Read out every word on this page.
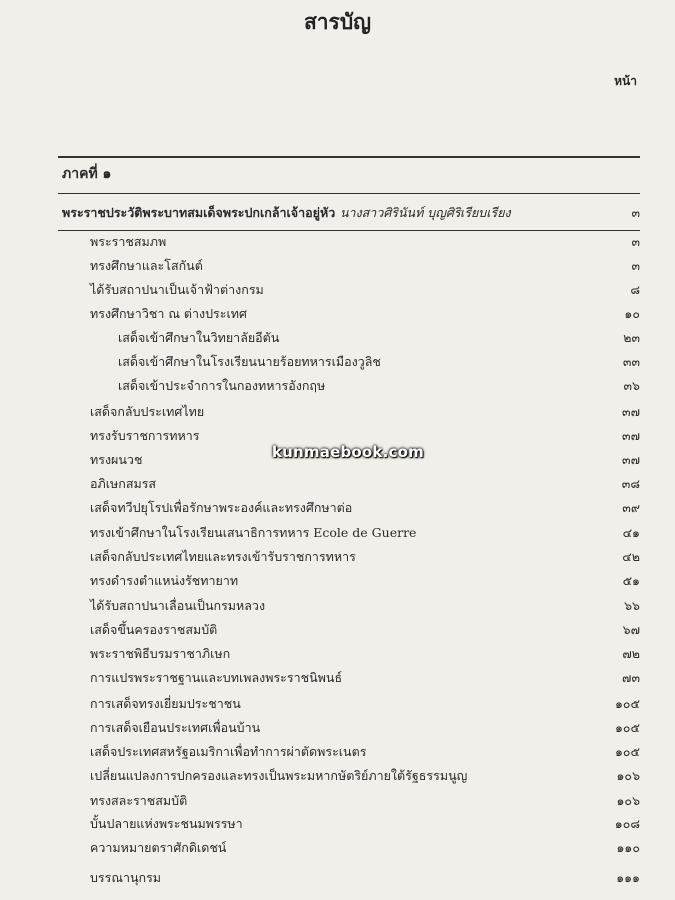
สารบัญ
หน้า
ภาคที่ ๑
พระราชประวัติพระบาทสมเด็จพระปกเกล้าเจ้าอยู่หัว นางสาวศิรินันท์ บุญศิริ เรียบเรียง	๓
พระราชสมภพ	๓
ทรงศึกษาและโสกันต์	๓
ได้รับสถาปนาเป็นเจ้าฟ้าต่างกรม	๘
ทรงศึกษาวิชา ณ ต่างประเทศ	๑๐
เสด็จเข้าศึกษาในวิทยาลัยอีตัน	๒๓
เสด็จเข้าศึกษาในโรงเรียนนายร้อยทหารเมืองวูลิช	๓๓
เสด็จเข้าประจำการในกองทหารอังกฤษ	๓๖
เสด็จกลับประเทศไทย	๓๗
ทรงรับราชการทหาร	๓๗
ทรงผนวช	๓๗
อภิเษกสมรส	๓๘
เสด็จทวีปยุโรปเพื่อรักษาพระองค์และทรงศึกษาต่อ	๓๙
ทรงเข้าศึกษาในโรงเรียนเสนาธิการทหาร Ecole de Guerre	๔๑
เสด็จกลับประเทศไทยและทรงเข้ารับราชการทหาร	๔๒
ทรงดำรงตำแหน่งรัชทายาท	๕๑
ได้รับสถาปนาเลื่อนเป็นกรมหลวง	๖๖
เสด็จขึ้นครองราชสมบัติ	๖๗
พระราชพิธีบรมราชาภิเษก	๗๒
การแปรพระราชฐานและบทเพลงพระราชนิพนธ์	๗๓
การเสด็จทรงเยี่ยมประชาชน	๑๐๕
การเสด็จเยือนประเทศเพื่อนบ้าน	๑๐๕
เสด็จประเทศสหรัฐอเมริกาเพื่อทำการผ่าตัดพระเนตร	๑๐๕
เปลี่ยนแปลงการปกครองและทรงเป็นพระมหากษัตริย์ภายใต้รัฐธรรมนูญ	๑๐๖
ทรงสละราชสมบัติ	๑๐๖
บั้นปลายแห่งพระชนมพรรษา	๑๐๘
ความหมายตราศักดิเดชน์	๑๑๐
บรรณานุกรม	๑๑๑
kunmaebook.com
